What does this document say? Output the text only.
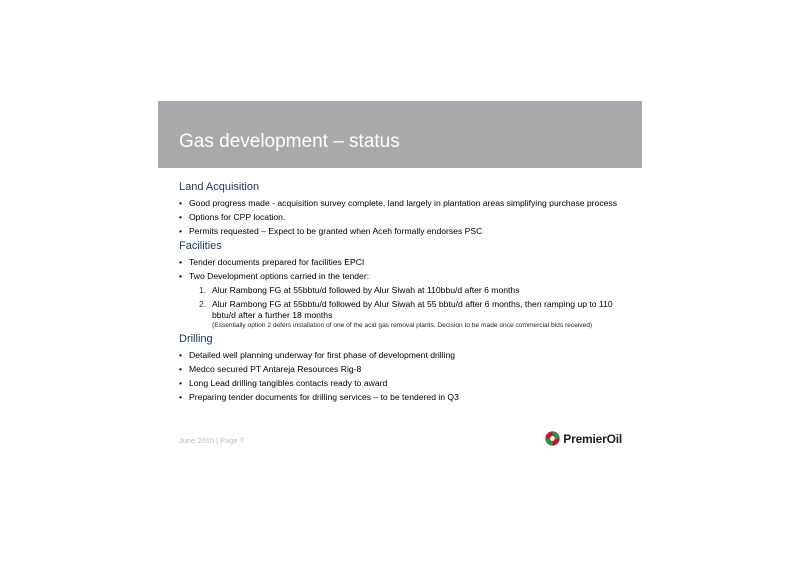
Gas development – status
Land Acquisition
• Good progress made - acquisition survey complete, land largely in plantation areas simplifying purchase process
• Options for CPP location.
• Permits requested – Expect to be granted when Aceh formally endorses PSC
Facilities
• Tender documents prepared for facilities EPCI
• Two Development options carried in the tender:
1. Alur Rambong FG at 55bbtu/d followed by Alur Siwah at 110bbu/d after 6 months
2. Alur Rambong FG at 55bbtu/d followed by Alur Siwah at 55 bbtu/d after 6 months, then ramping up to 110 bbtu/d after a further 18 months
(Essentially option 2 defers installation of one of the acid gas removal plants. Decision to be made once commercial bids received)
Drilling
• Detailed well planning underway for first phase of development drilling
• Medco secured PT Antareja Resources Rig-8
• Long Lead drilling tangibles contacts ready to award
• Preparing tender documents for drilling services – to be tendered in Q3
June 2010 | Page 7	PremierOil
